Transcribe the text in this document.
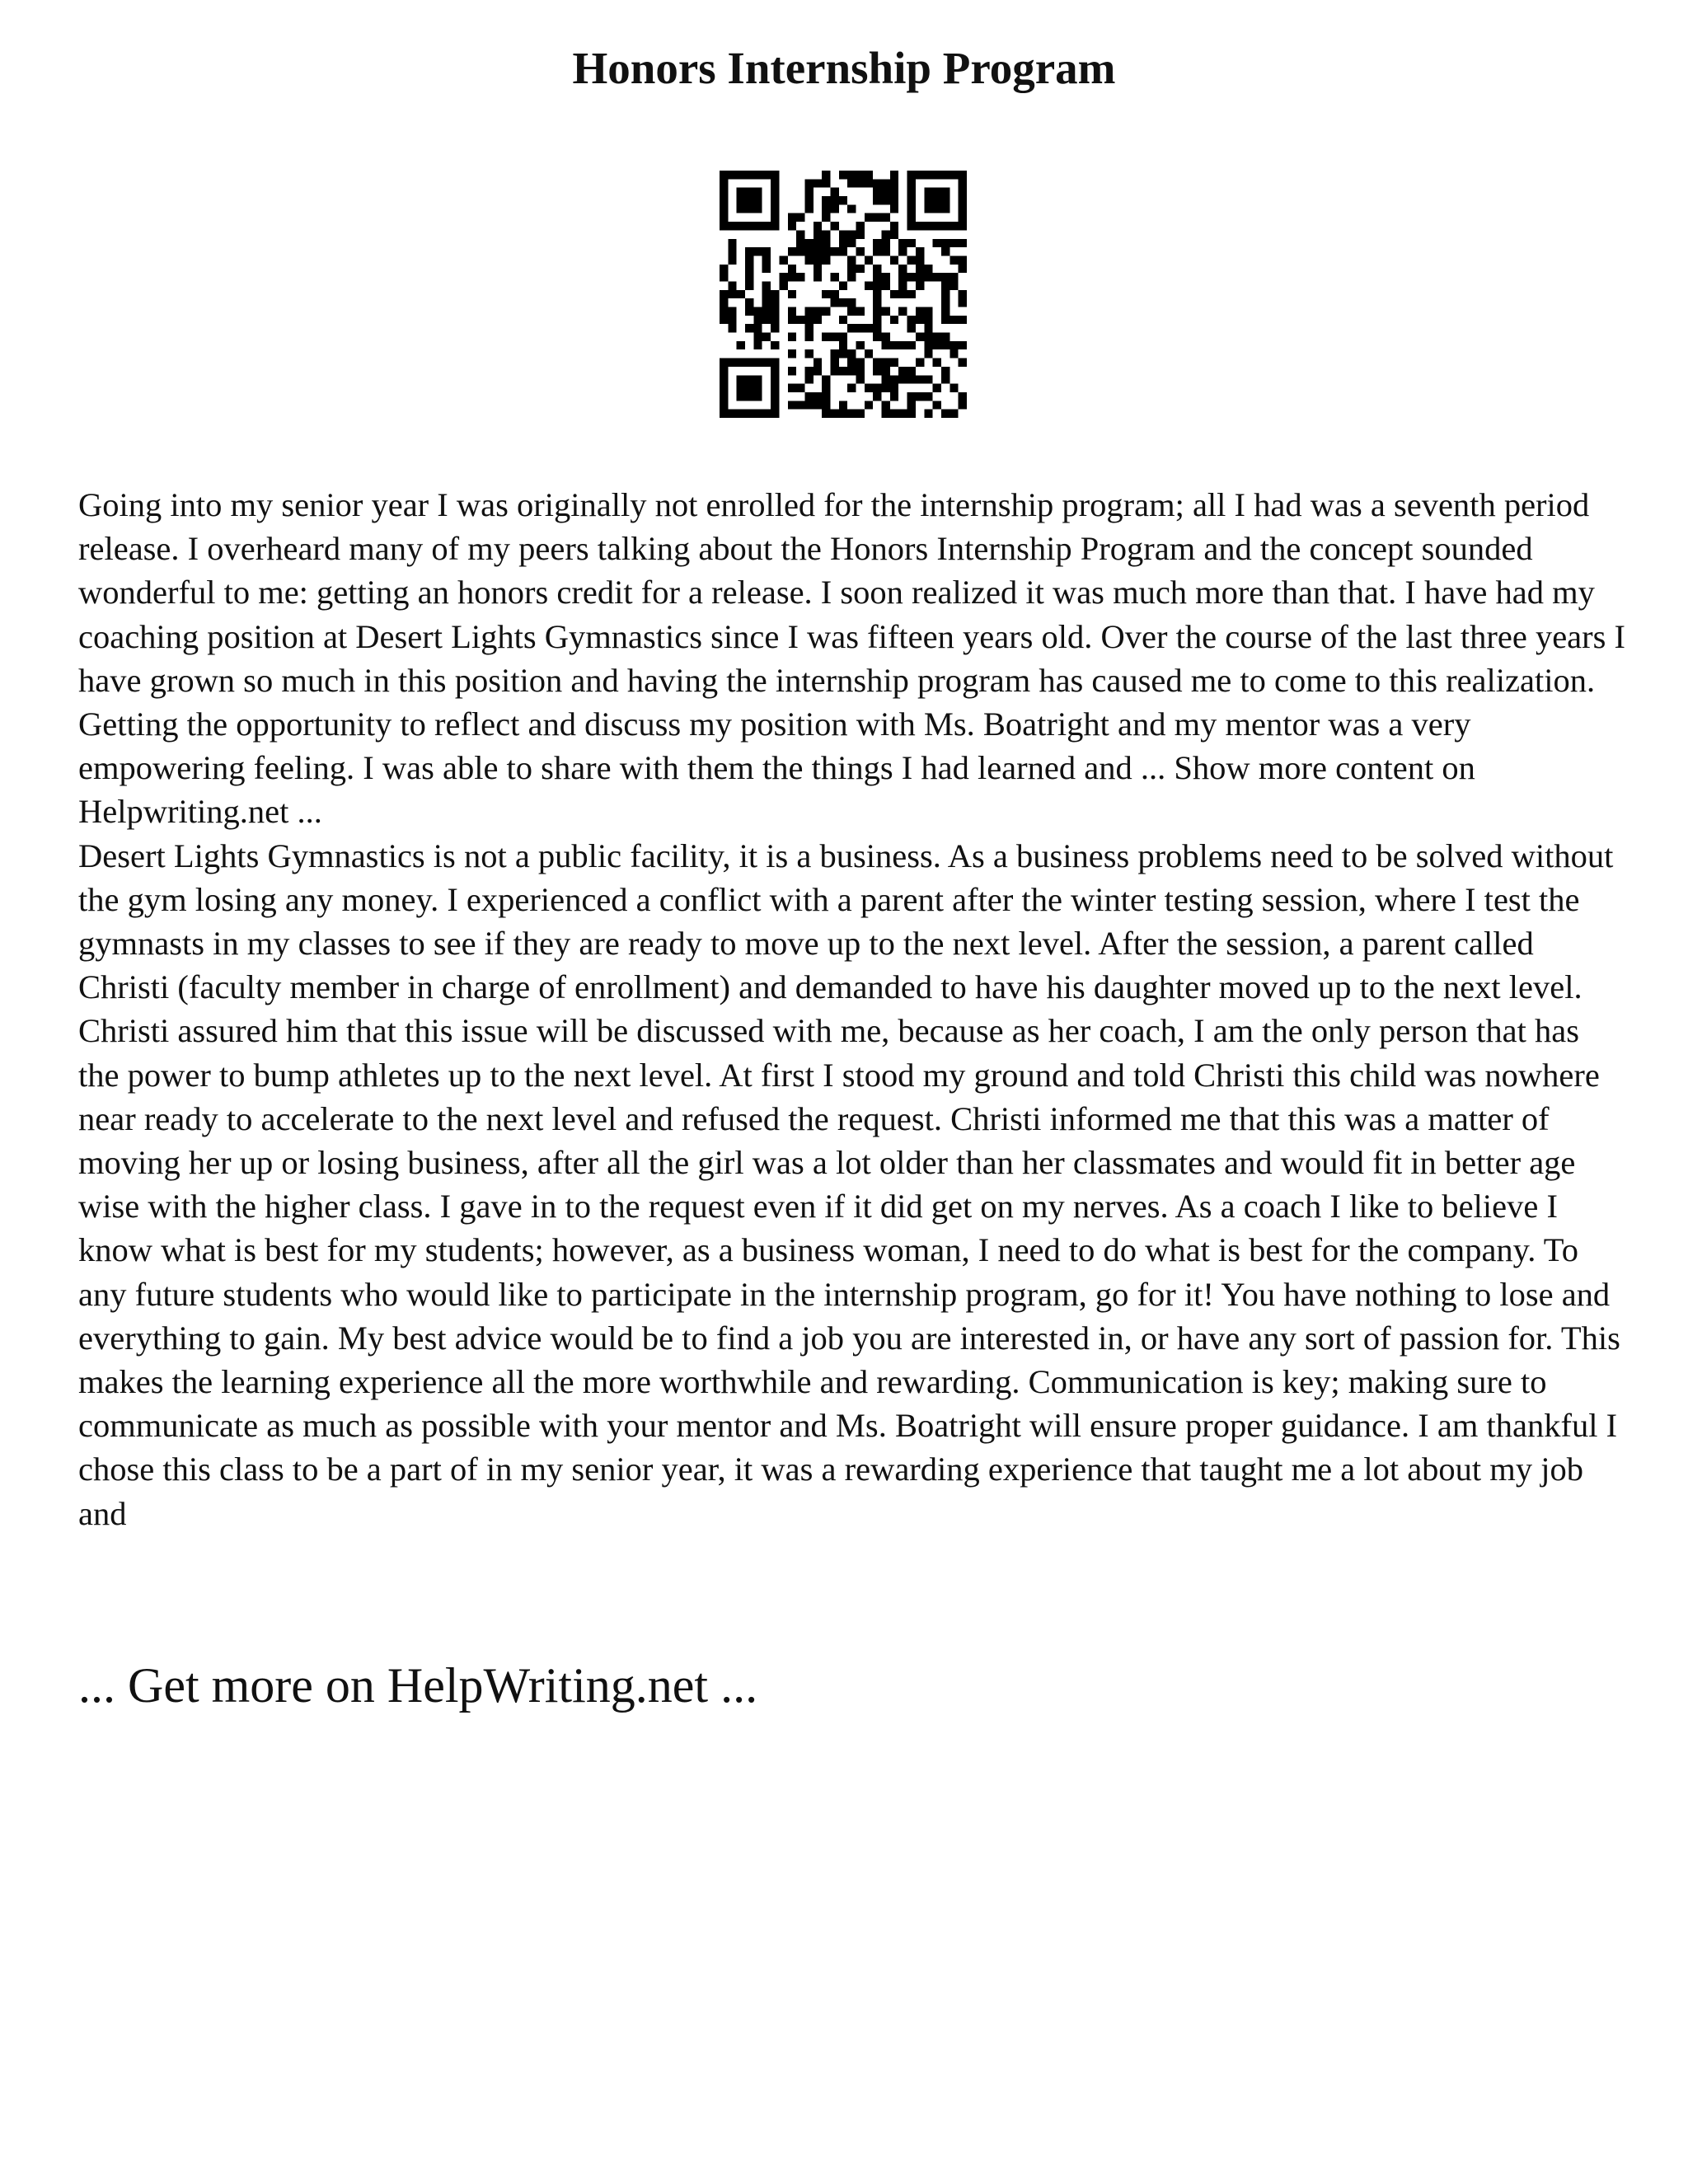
Honors Internship Program

Going into my senior year I was originally not enrolled for the internship program; all I had was a seventh period release. I overheard many of my peers talking about the Honors Internship Program and the concept sounded wonderful to me: getting an honors credit for a release. I soon realized it was much more than that. I have had my coaching position at Desert Lights Gymnastics since I was fifteen years old. Over the course of the last three years I have grown so much in this position and having the internship program has caused me to come to this realization. Getting the opportunity to reflect and discuss my position with Ms. Boatright and my mentor was a very empowering feeling. I was able to share with them the things I had learned and ... Show more content on Helpwriting.net ...

Desert Lights Gymnastics is not a public facility, it is a business. As a business problems need to be solved without the gym losing any money. I experienced a conflict with a parent after the winter testing session, where I test the gymnasts in my classes to see if they are ready to move up to the next level. After the session, a parent called Christi (faculty member in charge of enrollment) and demanded to have his daughter moved up to the next level. Christi assured him that this issue will be discussed with me, because as her coach, I am the only person that has the power to bump athletes up to the next level. At first I stood my ground and told Christi this child was nowhere near ready to accelerate to the next level and refused the request. Christi informed me that this was a matter of moving her up or losing business, after all the girl was a lot older than her classmates and would fit in better age wise with the higher class. I gave in to the request even if it did get on my nerves. As a coach I like to believe I know what is best for my students; however, as a business woman, I need to do what is best for the company. To any future students who would like to participate in the internship program, go for it! You have nothing to lose and everything to gain. My best advice would be to find a job you are interested in, or have any sort of passion for. This makes the learning experience all the more worthwhile and rewarding. Communication is key; making sure to communicate as much as possible with your mentor and Ms. Boatright will ensure proper guidance. I am thankful I chose this class to be a part of in my senior year, it was a rewarding experience that taught me a lot about my job and

... Get more on HelpWriting.net ...
